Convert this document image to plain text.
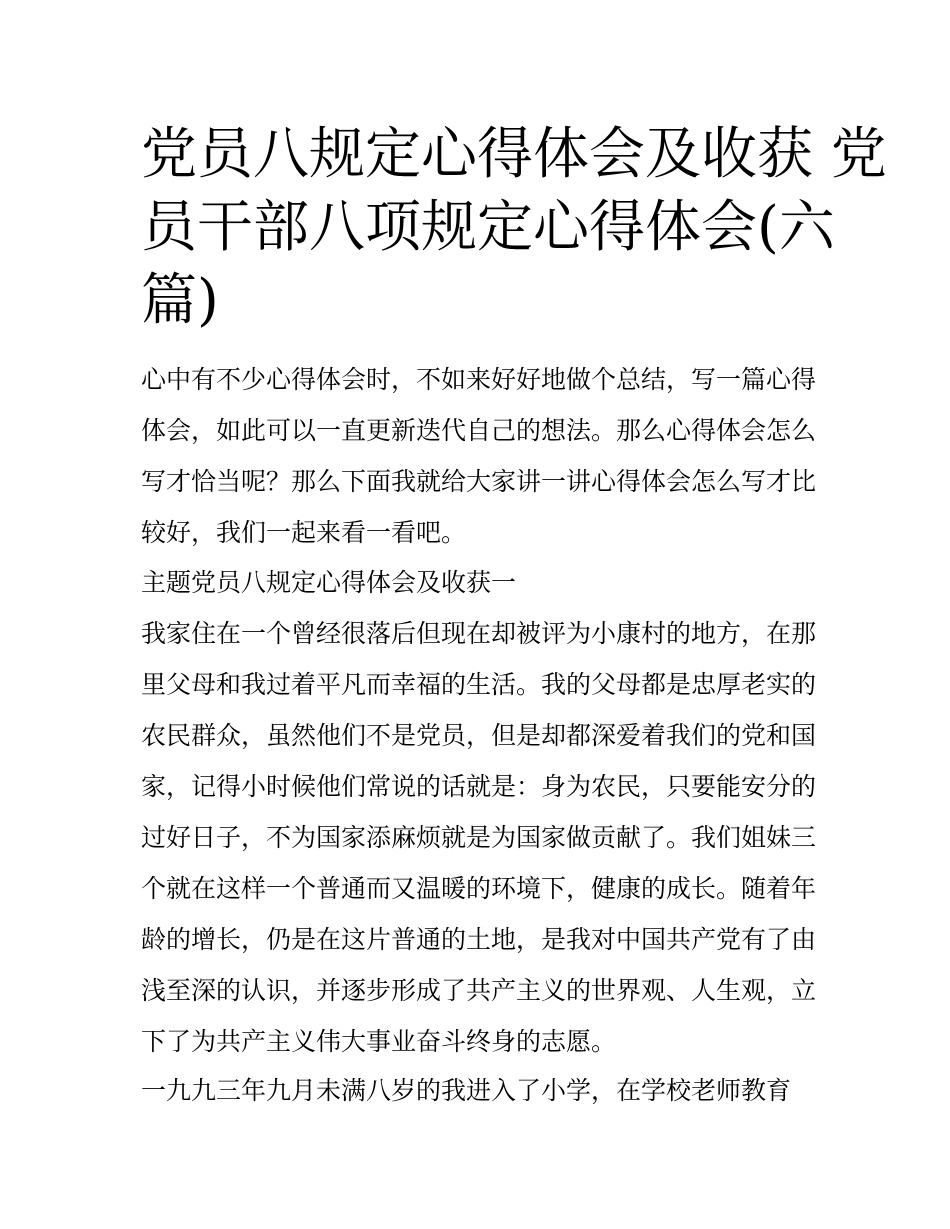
党员八规定心得体会及收获 党
员干部八项规定心得体会(六
篇)
心中有不少心得体会时，不如来好好地做个总结，写一篇心得
体会，如此可以一直更新迭代自己的想法。那么心得体会怎么
写才恰当呢？那么下面我就给大家讲一讲心得体会怎么写才比
较好，我们一起来看一看吧。
主题党员八规定心得体会及收获一
我家住在一个曾经很落后但现在却被评为小康村的地方，在那
里父母和我过着平凡而幸福的生活。我的父母都是忠厚老实的
农民群众，虽然他们不是党员，但是却都深爱着我们的党和国
家，记得小时候他们常说的话就是：身为农民，只要能安分的
过好日子，不为国家添麻烦就是为国家做贡献了。我们姐妹三
个就在这样一个普通而又温暖的环境下，健康的成长。随着年
龄的增长，仍是在这片普通的土地，是我对中国共产党有了由
浅至深的认识，并逐步形成了共产主义的世界观、人生观，立
下了为共产主义伟大事业奋斗终身的志愿。
一九九三年九月未满八岁的我进入了小学，在学校老师教育
